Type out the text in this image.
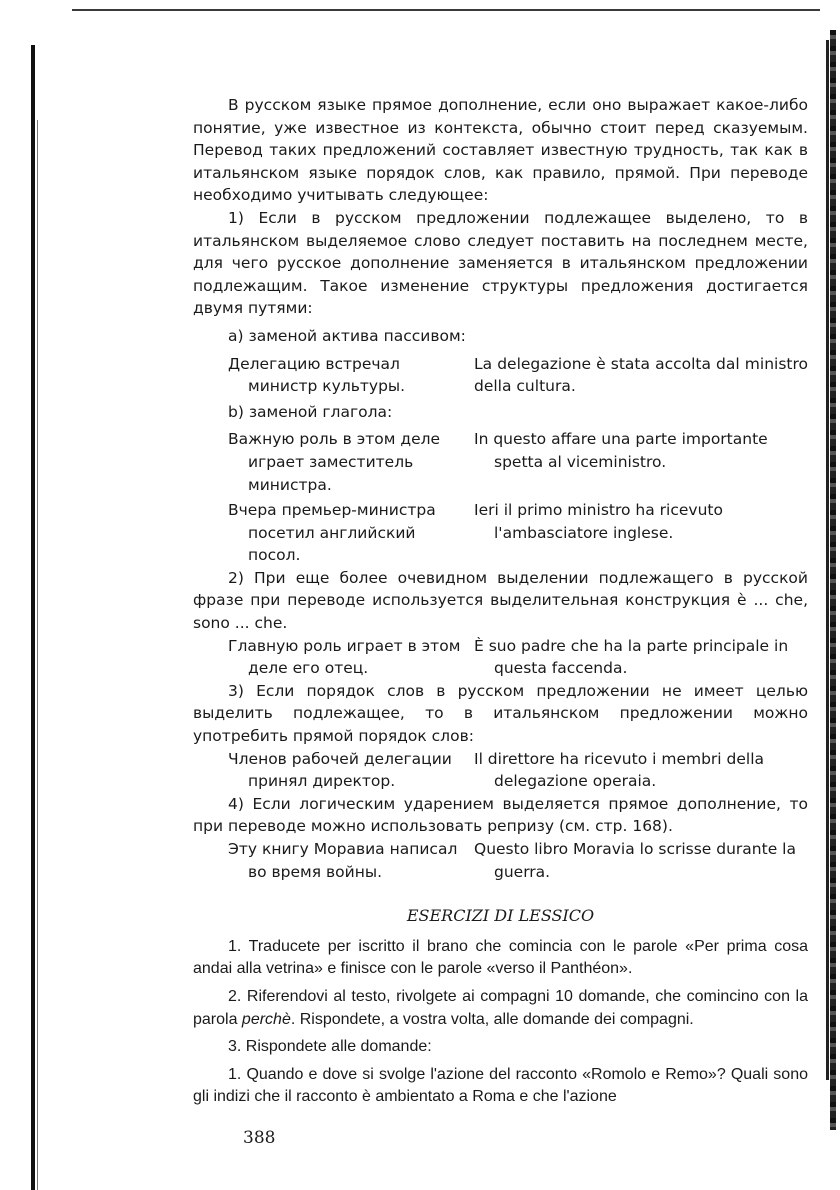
В русском языке прямое дополнение, если оно выражает какое-либо понятие, уже известное из контекста, обычно стоит перед сказуемым. Перевод таких предложений составляет известную трудность, так как в итальянском языке порядок слов, как правило, прямой. При переводе необходимо учитывать следующее:

1) Если в русском предложении подлежащее выделено, то в итальянском выделяемое слово следует поставить на последнем месте, для чего русское дополнение заменяется в итальянском предложении подлежащим. Такое изменение структуры предложения достигается двумя путями:

а) заменой актива пассивом:

Делегацию встречал министр культуры.
La delegazione è stata accolta dal ministro della cultura.

b) заменой глагола:

Важную роль в этом деле играет заместитель министра.
In questo affare una parte importante spetta al viceministro.
Вчера премьер-министра посетил английский посол.
Ieri il primo ministro ha ricevuto l'ambasciatore inglese.

2) При еще более очевидном выделении подлежащего в русской фразе при переводе используется выделительная конструкция è ... che, sono ... che.

Главную роль играет в этом деле его отец.
È suo padre che ha la parte principale in questa faccenda.

3) Если порядок слов в русском предложении не имеет целью выделить подлежащее, то в итальянском предложении можно употребить прямой порядок слов:

Членов рабочей делегации принял директор.
Il direttore ha ricevuto i membri della delegazione operaia.

4) Если логическим ударением выделяется прямое дополнение, то при переводе можно использовать репризу (см. стр. 168).

Эту книгу Моравиа написал во время войны.
Questo libro Moravia lo scrisse durante la guerra.
ESERCIZI DI LESSICO

1. Traducete per iscritto il brano che comincia con le parole «Per prima cosa andai alla vetrina» e finisce con le parole «verso il Panthéon».

2. Riferendovi al testo, rivolgete ai compagni 10 domande, che comincino con la parola perchè. Rispondete, a vostra volta, alle domande dei compagni.

3. Rispondete alle domande:

1. Quando e dove si svolge l'azione del racconto «Romolo e Remo»? Quali sono gli indizi che il racconto è ambientato a Roma e che l'azione

388
